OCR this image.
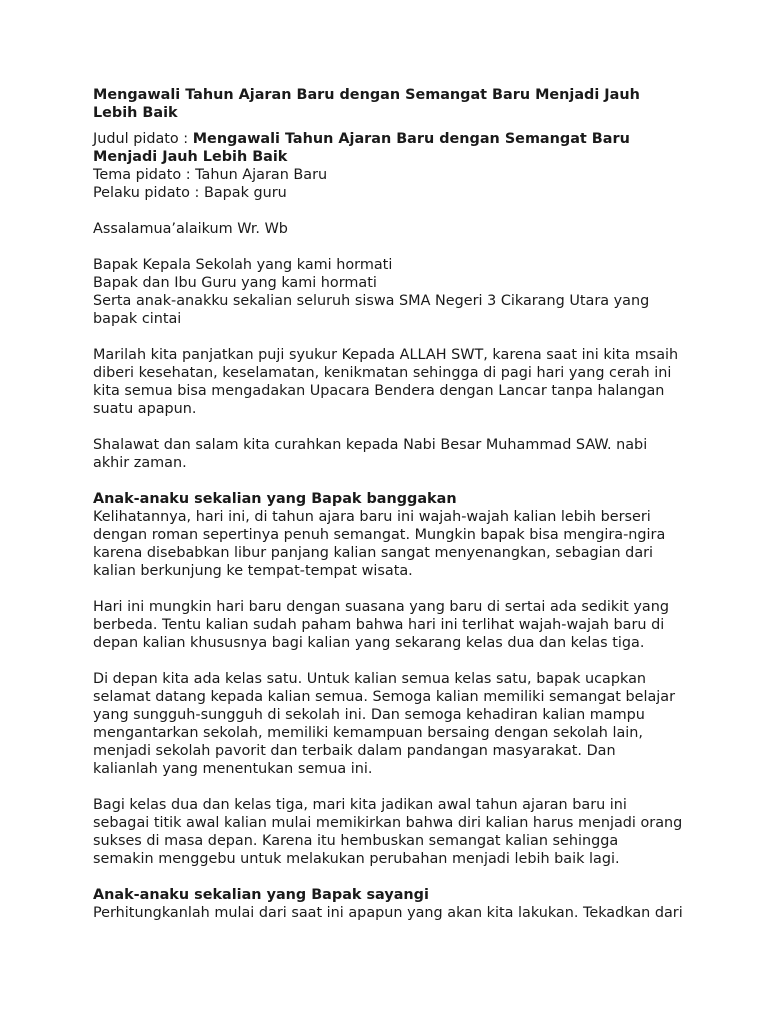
Mengawali Tahun Ajaran Baru dengan Semangat Baru Menjadi Jauh Lebih Baik

Judul pidato : Mengawali Tahun Ajaran Baru dengan Semangat Baru Menjadi Jauh Lebih Baik

Tema pidato : Tahun Ajaran Baru

Pelaku pidato : Bapak guru

Assalamua’alaikum Wr. Wb

Bapak Kepala Sekolah yang kami hormati

Bapak dan Ibu Guru yang kami hormati

Serta anak-anakku sekalian seluruh siswa SMA Negeri 3 Cikarang Utara yang bapak cintai

Marilah kita panjatkan puji syukur Kepada ALLAH SWT, karena saat ini kita msaih diberi kesehatan, keselamatan, kenikmatan sehingga di pagi hari yang cerah ini kita semua bisa mengadakan Upacara Bendera dengan Lancar tanpa halangan suatu apapun.

Shalawat dan salam kita curahkan kepada Nabi Besar Muhammad SAW. nabi akhir zaman.

Anak-anaku sekalian yang Bapak banggakan

Kelihatannya, hari ini, di tahun ajara baru ini wajah-wajah kalian lebih berseri dengan roman sepertinya penuh semangat. Mungkin bapak bisa mengira-ngira karena disebabkan libur panjang kalian sangat menyenangkan, sebagian dari kalian berkunjung ke tempat-tempat wisata.

Hari ini mungkin hari baru dengan suasana yang baru di sertai ada sedikit yang berbeda. Tentu kalian sudah paham bahwa hari ini terlihat wajah-wajah baru di depan kalian khususnya bagi kalian yang sekarang kelas dua dan kelas tiga.

Di depan kita ada kelas satu. Untuk kalian semua kelas satu, bapak ucapkan selamat datang kepada kalian semua. Semoga kalian memiliki semangat belajar yang sungguh-sungguh di sekolah ini. Dan semoga kehadiran kalian mampu mengantarkan sekolah, memiliki kemampuan bersaing dengan sekolah lain, menjadi sekolah pavorit dan terbaik dalam pandangan masyarakat. Dan kalianlah yang menentukan semua ini.

Bagi kelas dua dan kelas tiga, mari kita jadikan awal tahun ajaran baru ini sebagai titik awal kalian mulai memikirkan bahwa diri kalian harus menjadi orang sukses di masa depan. Karena itu hembuskan semangat kalian sehingga semakin menggebu untuk melakukan perubahan menjadi lebih baik lagi.

Anak-anaku sekalian yang Bapak sayangi

Perhitungkanlah mulai dari saat ini apapun yang akan kita lakukan. Tekadkan dari
